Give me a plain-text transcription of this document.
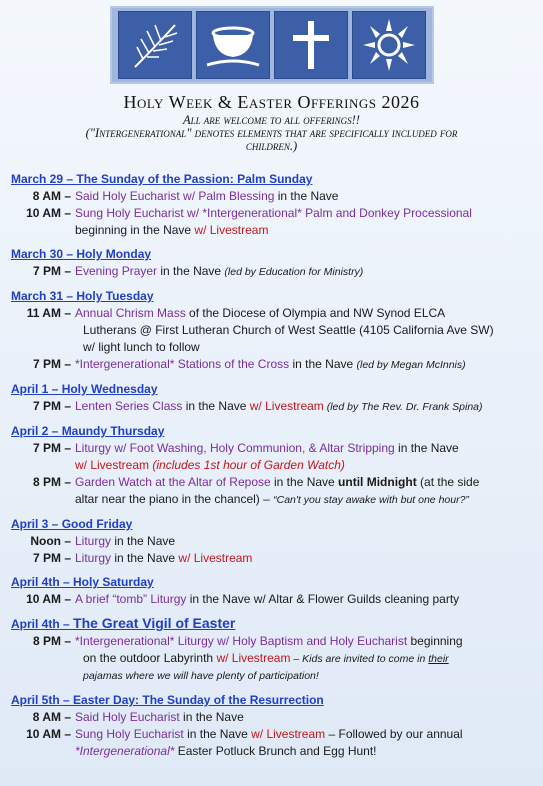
Holy Week & Easter Offerings 2026
All are welcome to all offerings!!
("Intergenerational" denotes elements that are specifically included for children.)
March 29 – The Sunday of the Passion: Palm Sunday
8 AM – Said Holy Eucharist w/ Palm Blessing in the Nave
10 AM – Sung Holy Eucharist w/ *Intergenerational* Palm and Donkey Processional
beginning in the Nave w/ Livestream
March 30 – Holy Monday
7 PM – Evening Prayer in the Nave (led by Education for Ministry)
March 31 – Holy Tuesday
11 AM – Annual Chrism Mass of the Diocese of Olympia and NW Synod ELCA
Lutherans @ First Lutheran Church of West Seattle (4105 California Ave SW)
w/ light lunch to follow
7 PM – *Intergenerational* Stations of the Cross in the Nave (led by Megan McInnis)
April 1 – Holy Wednesday
7 PM – Lenten Series Class in the Nave w/ Livestream (led by The Rev. Dr. Frank Spina)
April 2 – Maundy Thursday
7 PM – Liturgy w/ Foot Washing, Holy Communion, & Altar Stripping in the Nave
w/ Livestream (includes 1st hour of Garden Watch)
8 PM – Garden Watch at the Altar of Repose in the Nave until Midnight (at the side
altar near the piano in the chancel) – “Can't you stay awake with but one hour?”
April 3 – Good Friday
Noon – Liturgy in the Nave
7 PM – Liturgy in the Nave w/ Livestream
April 4th – Holy Saturday
10 AM – A brief “tomb” Liturgy in the Nave w/ Altar & Flower Guilds cleaning party
April 4th – The Great Vigil of Easter
8 PM – *Intergenerational* Liturgy w/ Holy Baptism and Holy Eucharist beginning
on the outdoor Labyrinth w/ Livestream – Kids are invited to come in their
pajamas where we will have plenty of participation!
April 5th – Easter Day: The Sunday of the Resurrection
8 AM – Said Holy Eucharist in the Nave
10 AM – Sung Holy Eucharist in the Nave w/ Livestream – Followed by our annual
*Intergenerational* Easter Potluck Brunch and Egg Hunt!
